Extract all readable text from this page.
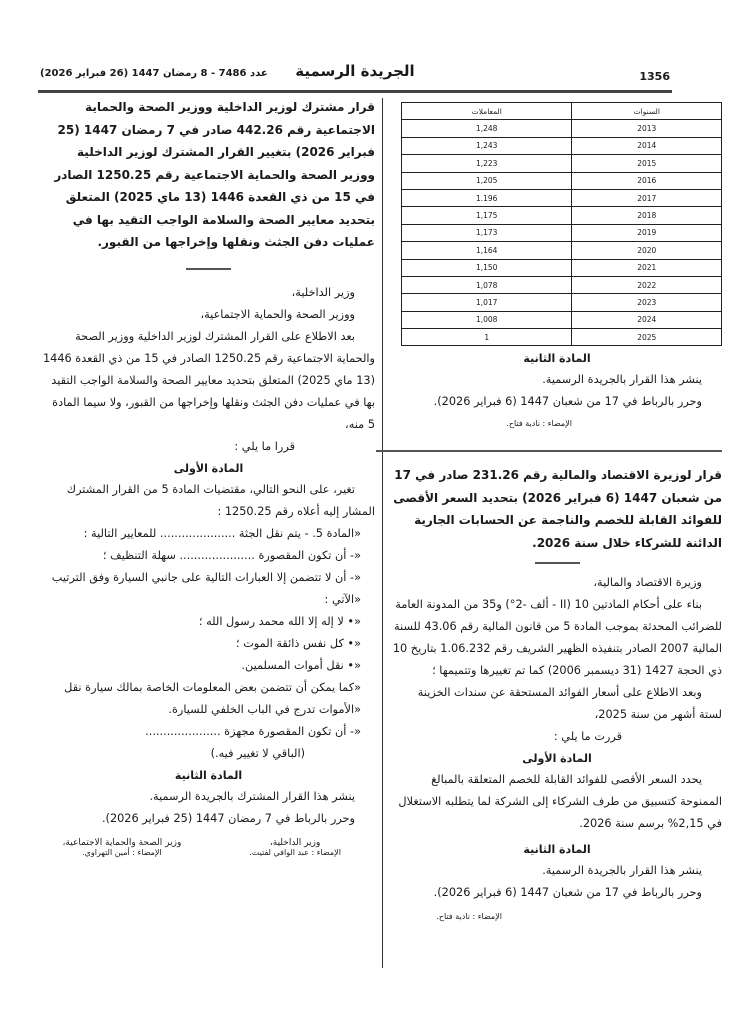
1356
الجريدة الرسمية
عدد 7486 - 8 رمضان 1447 (26 فبراير 2026)
السنوات	المعاملات
2013	1,248
2014	1,243
2015	1,223
2016	1,205
2017	1.196
2018	1,175
2019	1,173
2020	1,164
2021	1,150
2022	1,078
2023	1,017
2024	1,008
2025	1
المادة الثانية

ينشر هذا القرار بالجريدة الرسمية.

وحرر بالرباط في 17 من شعبان 1447 (6 فبراير 2026).

الإمضاء : نادية فتاح.

قرار لوزيرة الاقتصاد والمالية رقم 231.26 صادر في 17 من شعبان 1447 (6 فبراير 2026) بتحديد السعر الأقصى للفوائد القابلة للخصم والناجمة عن الحسابات الجارية الدائنة للشركاء خلال سنة 2026.

وزيرة الاقتصاد والمالية،

بناء على أحكام المادتين 10 (II - ألف -2°) و35 من المدونة العامة للضرائب المحدثة بموجب المادة 5 من قانون المالية رقم 43.06 للسنة المالية 2007 الصادر بتنفيذه الظهير الشريف رقم 1.06.232 بتاريخ 10 ذي الحجة 1427 (31 ديسمبر 2006) كما تم تغييرها وتتميمها ؛

وبعد الاطلاع على أسعار الفوائد المستحقة عن سندات الخزينة لستة أشهر من سنة 2025،

قررت ما يلي :

المادة الأولى

يحدد السعر الأقصى للفوائد القابلة للخصم المتعلقة بالمبالغ الممنوحة كتسبيق من طرف الشركاء إلى الشركة لما يتطلبه الاستغلال في 2,15% برسم سنة 2026.

المادة الثانية

ينشر هذا القرار بالجريدة الرسمية.

وحرر بالرباط في 17 من شعبان 1447 (6 فبراير 2026).

الإمضاء : نادية فتاح.

قرار مشترك لوزير الداخلية ووزير الصحة والحماية الاجتماعية رقم 442.26 صادر في 7 رمضان 1447 (25 فبراير 2026) بتغيير القرار المشترك لوزير الداخلية ووزير الصحة والحماية الاجتماعية رقم 1250.25 الصادر في 15 من ذي القعدة 1446 (13 ماي 2025) المتعلق بتحديد معايير الصحة والسلامة الواجب التقيد بها في عمليات دفن الجثث ونقلها وإخراجها من القبور.

وزير الداخلية،

ووزير الصحة والحماية الاجتماعية،

بعد الاطلاع على القرار المشترك لوزير الداخلية ووزير الصحة والحماية الاجتماعية رقم 1250.25 الصادر في 15 من ذي القعدة 1446 (13 ماي 2025) المتعلق بتحديد معايير الصحة والسلامة الواجب التقيد بها في عمليات دفن الجثث ونقلها وإخراجها من القبور، ولا سيما المادة 5 منه،

قررا ما يلي :

المادة الأولى

تغير، على النحو التالي، مقتضيات المادة 5 من القرار المشترك المشار إليه أعلاه رقم 1250.25 :

«المادة 5. - يتم نقل الجثة ..................... للمعايير التالية :

«- أن تكون المقصورة ..................... سهلة التنظيف ؛

«- أن لا تتضمن إلا العبارات التالية على جانبي السيارة وفق الترتيب «الآتي :

«• لا إله إلا الله محمد رسول الله ؛

«• كل نفس ذائقة الموت ؛

«• نقل أموات المسلمين.

«كما يمكن أن تتضمن بعض المعلومات الخاصة بمالك سيارة نقل «الأموات تدرج في الباب الخلفي للسيارة.

«- أن تكون المقصورة مجهزة .....................

(الباقي لا تغيير فيه.)

المادة الثانية

ينشر هذا القرار المشترك بالجريدة الرسمية.

وحرر بالرباط في 7 رمضان 1447 (25 فبراير 2026).

وزير الداخلية،
الإمضاء : عبد الوافي لفتيت.
وزير الصحة والحماية الاجتماعية،
الإمضاء : أمين التهراوي.
